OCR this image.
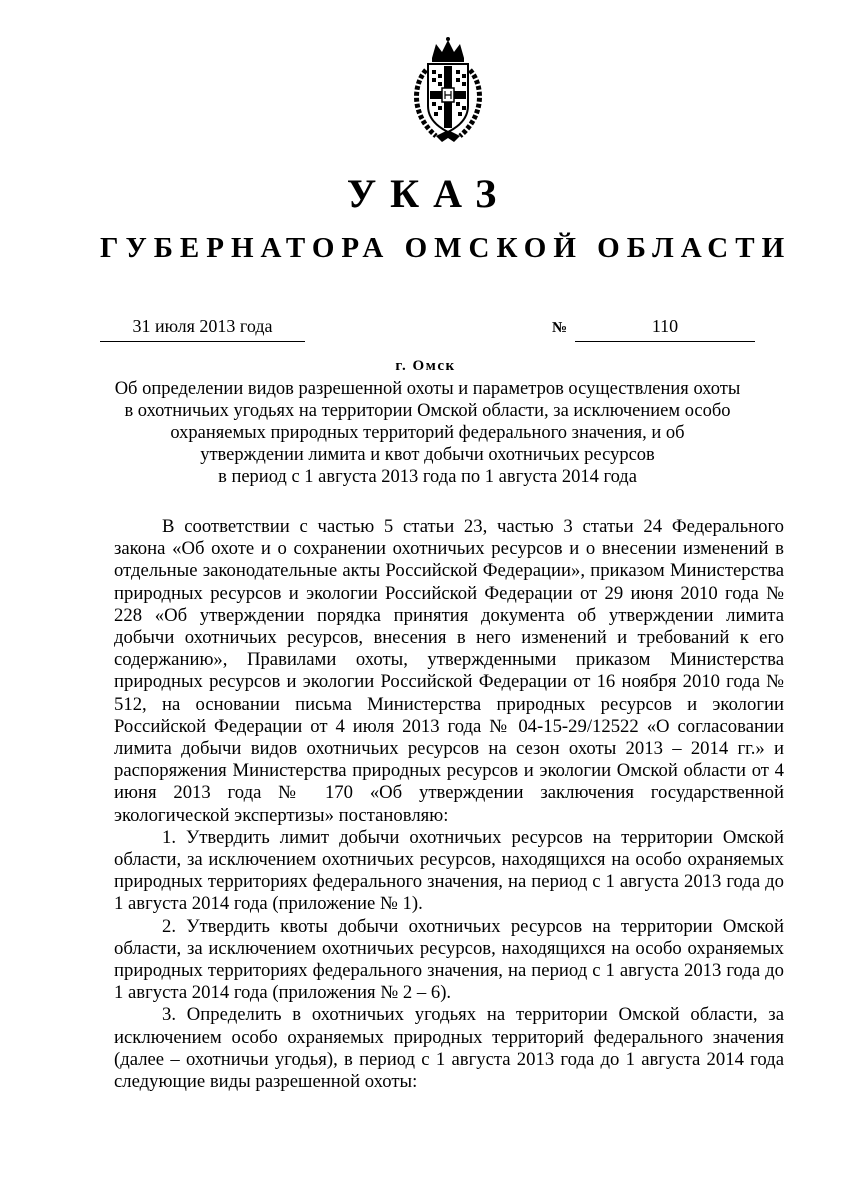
УКАЗ
ГУБЕРНАТОРА ОМСКОЙ ОБЛАСТИ
31 июля 2013 года	№	110
г. Омск
Об определении видов разрешенной охоты и параметров осуществления охоты
в охотничьих угодьях на территории Омской области, за исключением особо
охраняемых природных территорий федерального значения, и об
утверждении лимита и квот добычи охотничьих ресурсов
в период с 1 августа 2013 года по 1 августа 2014 года

В соответствии с частью 5 статьи 23, частью 3 статьи 24 Федерального закона «Об охоте и о сохранении охотничьих ресурсов и о внесении изменений в отдельные законодательные акты Российской Федерации», приказом Министерства природных ресурсов и экологии Российской Федерации от 29 июня 2010 года № 228 «Об утверждении порядка принятия документа об утверждении лимита добычи охотничьих ресурсов, внесения в него изменений и требований к его содержанию», Правилами охоты, утвержденными приказом Министерства природных ресурсов и экологии Российской Федерации от 16 ноября 2010 года № 512, на основании письма Министерства природных ресурсов и экологии Российской Федерации от 4 июля 2013 года № 04-15-29/12522 «О согласовании лимита добычи видов охотничьих ресурсов на сезон охоты 2013 – 2014 гг.» и распоряжения Министерства природных ресурсов и экологии Омской области от 4 июня 2013 года № 170 «Об утверждении заключения государственной экологической экспертизы» постановляю:

1. Утвердить лимит добычи охотничьих ресурсов на территории Омской области, за исключением охотничьих ресурсов, находящихся на особо охраняемых природных территориях федерального значения, на период с 1 августа 2013 года до 1 августа 2014 года (приложение № 1).

2. Утвердить квоты добычи охотничьих ресурсов на территории Омской области, за исключением охотничьих ресурсов, находящихся на особо охраняемых природных территориях федерального значения, на период с 1 августа 2013 года до 1 августа 2014 года (приложения № 2 – 6).

3. Определить в охотничьих угодьях на территории Омской области, за исключением особо охраняемых природных территорий федерального значения (далее – охотничьи угодья), в период с 1 августа 2013 года до 1 августа 2014 года следующие виды разрешенной охоты:
